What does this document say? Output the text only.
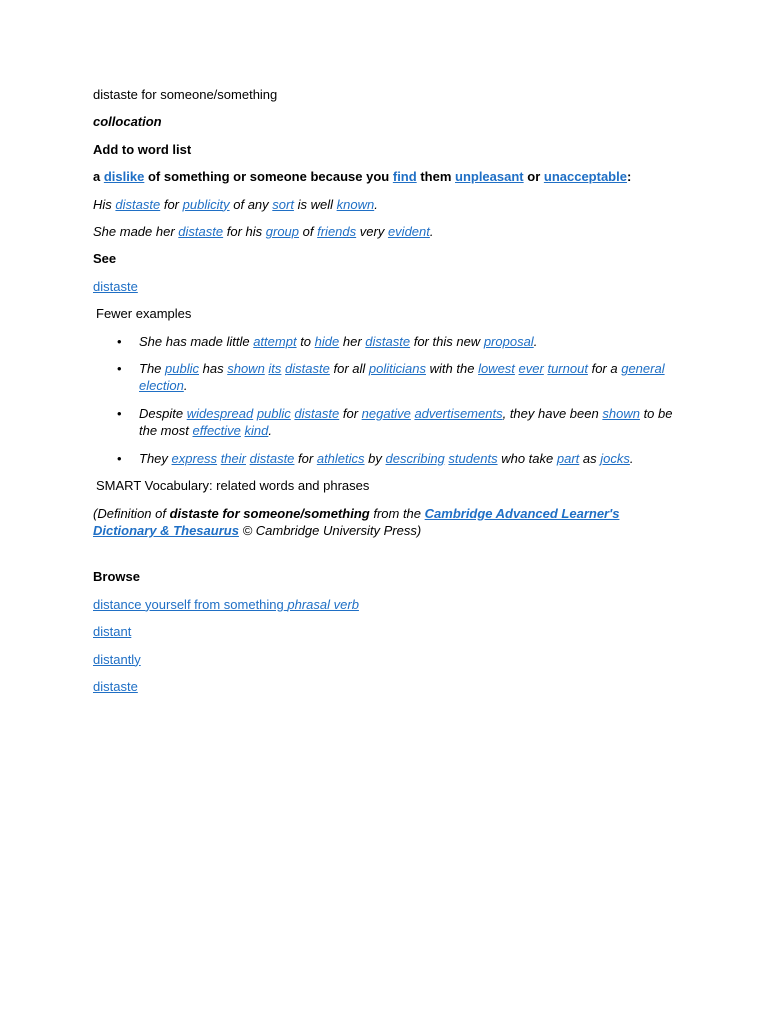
distaste for someone/something

collocation

Add to word list

a dislike of something or someone because you find them unpleasant or unacceptable:

His distaste for publicity of any sort is well known.

She made her distaste for his group of friends very evident.

See

distaste

Fewer examples

• She has made little attempt to hide her distaste for this new proposal.
• The public has shown its distaste for all politicians with the lowest ever turnout for a general election.
• Despite widespread public distaste for negative advertisements, they have been shown to be the most effective kind.
• They express their distaste for athletics by describing students who take part as jocks.

SMART Vocabulary: related words and phrases

(Definition of distaste for someone/something from the Cambridge Advanced Learner's Dictionary & Thesaurus © Cambridge University Press)

Browse

distance yourself from something phrasal verb

distant

distantly

distaste
